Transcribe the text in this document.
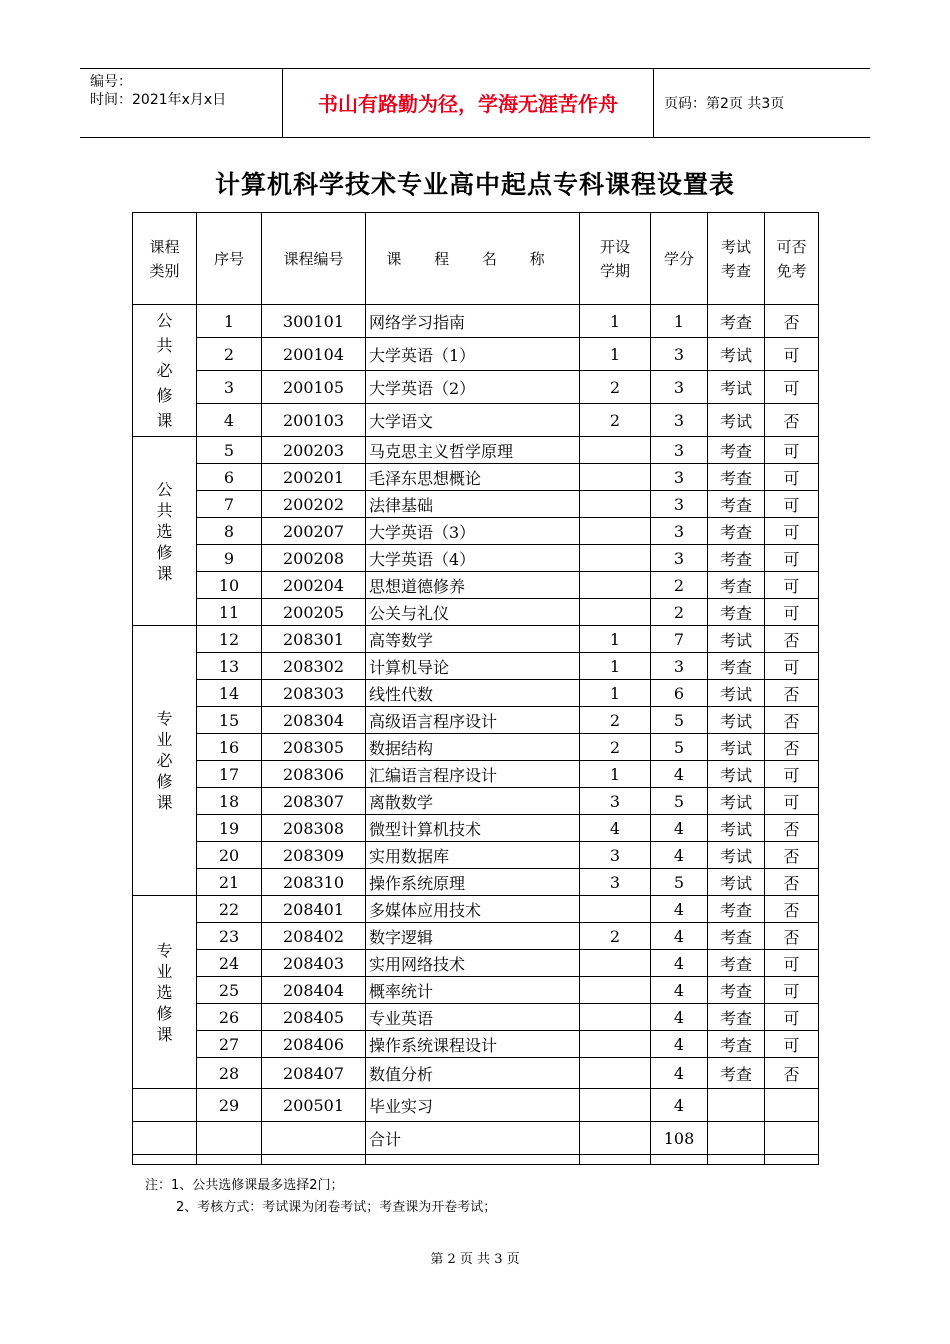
编号：
时间：2021年x月x日	书山有路勤为径，学海无涯苦作舟	页码：第2页 共3页
计算机科学技术专业高中起点专科课程设置表
课程类别	序号	课程编号	课 程 名 称	开设学期	学分	考试考查	可否免考
公共必修课	1	300101	网络学习指南	1	1	考查	否
	2	200104	大学英语（1）	1	3	考试	可
	3	200105	大学英语（2）	2	3	考试	可
	4	200103	大学语文	2	3	考试	否
公共选修课	5	200203	马克思主义哲学原理		3	考查	可
	6	200201	毛泽东思想概论		3	考查	可
	7	200202	法律基础		3	考查	可
	8	200207	大学英语（3）		3	考查	可
	9	200208	大学英语（4）		3	考查	可
	10	200204	思想道德修养		2	考查	可
	11	200205	公关与礼仪		2	考查	可
专业必修课	12	208301	高等数学	1	7	考试	否
	13	208302	计算机导论	1	3	考查	可
	14	208303	线性代数	1	6	考试	否
	15	208304	高级语言程序设计	2	5	考试	否
	16	208305	数据结构	2	5	考试	否
	17	208306	汇编语言程序设计	1	4	考试	可
	18	208307	离散数学	3	5	考试	可
	19	208308	微型计算机技术	4	4	考试	否
	20	208309	实用数据库	3	4	考试	否
	21	208310	操作系统原理	3	5	考试	否
专业选修课	22	208401	多媒体应用技术		4	考查	否
	23	208402	数字逻辑	2	4	考查	否
	24	208403	实用网络技术		4	考查	可
	25	208404	概率统计		4	考查	可
	26	208405	专业英语		4	考查	可
	27	208406	操作系统课程设计		4	考查	可
	28	208407	数值分析		4	考查	否
	29	200501	毕业实习		4		
			合计		108		

注：1、公共选修课最多选择2门；
2、考核方式：考试课为闭卷考试；考查课为开卷考试；
第 2 页 共 3 页
